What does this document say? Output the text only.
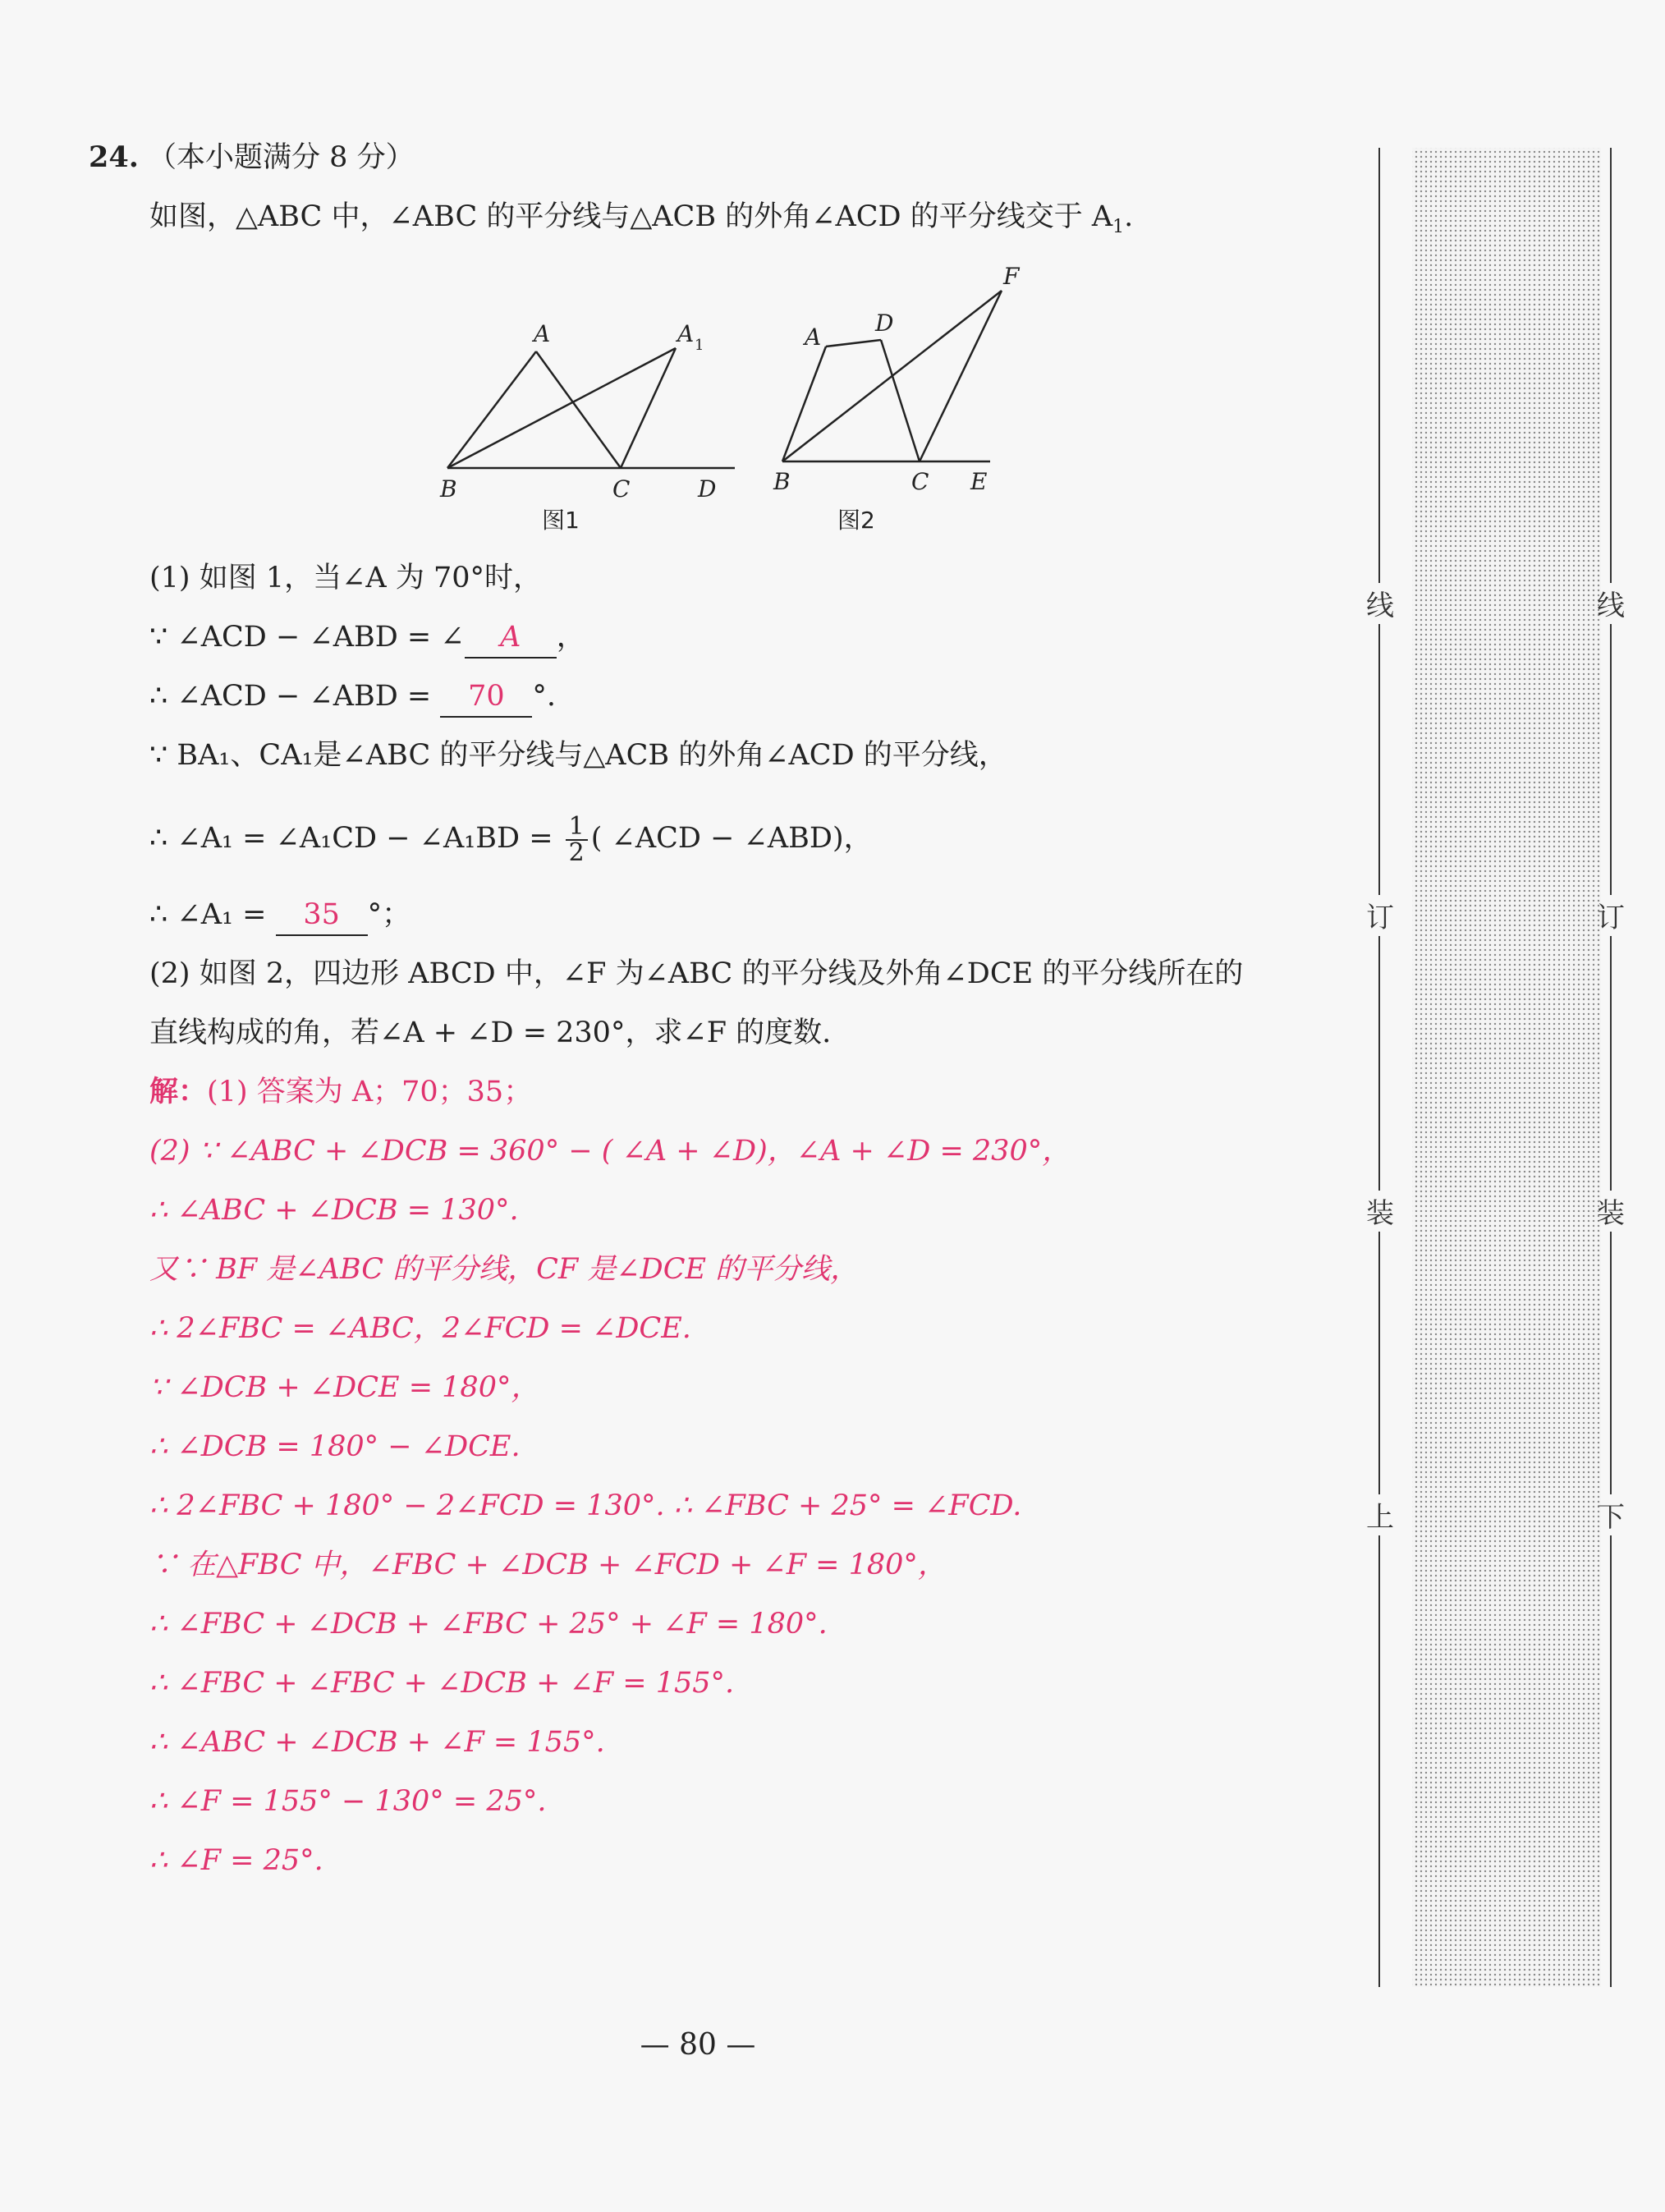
24. （本小题满分 8 分）
如图，△ABC 中，∠ABC 的平分线与△ACB 的外角∠ACD 的平分线交于 $A_1$.
A	A 1
B	C	D
图1
A
D
F
B	C E
图2
(1) 如图 1，当∠A 为 70°时，
∵ ∠ACD − ∠ABD = ∠ A ，
∴ ∠ACD − ∠ABD = 70 °.
∵ BA₁、CA₁是∠ABC 的平分线与△ACB 的外角∠ACD 的平分线，
∴ ∠A₁ = ∠A₁CD − ∠A₁BD = $\frac{1}{2}$ ( ∠ACD − ∠ABD)，
∴ ∠A₁ = 35 °；
(2) 如图 2，四边形 ABCD 中，∠F 为∠ABC 的平分线及外角∠DCE 的平分线所在的
直线构成的角，若∠A + ∠D = 230°，求∠F 的度数.
解：(1) 答案为 A；70；35；
(2) ∵ ∠ABC + ∠DCB = 360° − ( ∠A + ∠D)，∠A + ∠D = 230°，
∴ ∠ABC + ∠DCB = 130°.
又∵ BF 是∠ABC 的平分线，CF 是∠DCE 的平分线，
∴ 2∠FBC = ∠ABC，2∠FCD = ∠DCE.
∵ ∠DCB + ∠DCE = 180°，
∴ ∠DCB = 180° − ∠DCE.
∴ 2∠FBC + 180° − 2∠FCD = 130°. ∴ ∠FBC + 25° = ∠FCD.
∵ 在△FBC 中，∠FBC + ∠DCB + ∠FCD + ∠F = 180°，
∴ ∠FBC + ∠DCB + ∠FBC + 25° + ∠F = 180°.
∴ ∠FBC + ∠FBC + ∠DCB + ∠F = 155°.
∴ ∠ABC + ∠DCB + ∠F = 155°.
∴ ∠F = 155° − 130° = 25°.
∴ ∠F = 25°.
线
订
装
上
线
订
装
下
— 80 —
